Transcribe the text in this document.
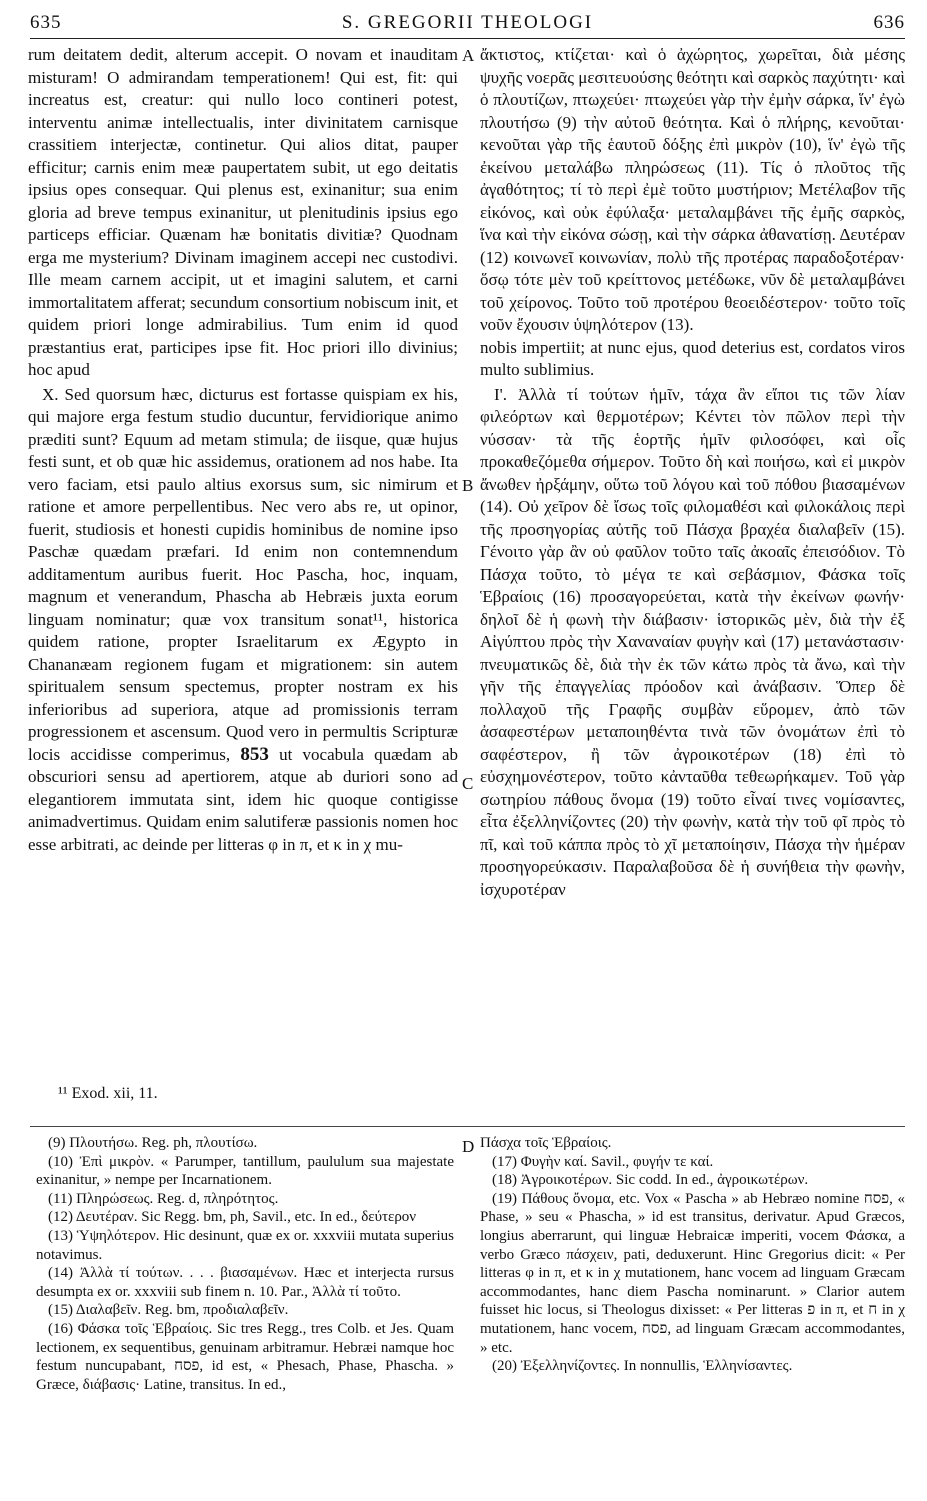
635	S. GREGORII THEOLOGI	636

rum deitatem dedit, alterum accepit. O novam et inauditam misturam! O admirandam temperationem! Qui est, fit: qui increatus est, creatur: qui nullo loco contineri potest, interventu animæ intellectualis, inter divinitatem carnisque crassitiem interjectæ, continetur. Qui alios ditat, pauper efficitur; carnis enim meæ paupertatem subit, ut ego deitatis ipsius opes consequar. Qui plenus est, exinanitur; sua enim gloria ad breve tempus exinanitur, ut plenitudinis ipsius ego particeps efficiar. Quænam hæ bonitatis divitiæ? Quodnam erga me mysterium? Divinam imaginem accepi nec custodivi. Ille meam carnem accipit, ut et imagini salutem, et carni immortalitatem afferat; secundum consortium nobiscum init, et quidem priori longe admirabilius. Tum enim id quod præstantius erat, participes ipse fit. Hoc priori illo divinius; hoc apud

X. Sed quorsum hæc, dicturus est fortasse quispiam ex his, qui majore erga festum studio ducuntur, fervidiorique animo præditi sunt? Equum ad metam stimula; de iisque, quæ hujus festi sunt, et ob quæ hic assidemus, orationem ad nos habe. Ita vero faciam, etsi paulo altius exorsus sum, sic nimirum et ratione et amore perpellentibus. Nec vero abs re, ut opinor, fuerit, studiosis et honesti cupidis hominibus de nomine ipso Paschæ quædam præfari. Id enim non contemnendum additamentum auribus fuerit. Hoc Pascha, hoc, inquam, magnum et venerandum, Phascha ab Hebræis juxta eorum linguam nominatur; quæ vox transitum sonat¹¹, historica quidem ratione, propter Israelitarum ex Ægypto in Chananæam regionem fugam et migrationem: sin autem spiritualem sensum spectemus, propter nostram ex his inferioribus ad superiora, atque ad promissionis terram progressionem et ascensum. Quod vero in permultis Scripturæ locis accidisse comperimus, 853 ut vocabula quædam ab obscuriori sensu ad apertiorem, atque ab duriori sono ad elegantiorem immutata sint, idem hic quoque contigisse animadvertimus. Quidam enim salutiferæ passionis nomen hoc esse arbitrati, ac deinde per litteras φ in π, et κ in χ mu-

A
B
C
D

ἄκτιστος, κτίζεται· καὶ ὁ ἀχώρητος, χωρεῖται, διὰ μέσης ψυχῆς νοερᾶς μεσιτευούσης θεότητι καὶ σαρκὸς παχύτητι· καὶ ὁ πλουτίζων, πτωχεύει· πτωχεύει γὰρ τὴν ἐμὴν σάρκα, ἵν' ἐγὼ πλουτήσω (9) τὴν αὐτοῦ θεότητα. Καὶ ὁ πλήρης, κενοῦται· κενοῦται γὰρ τῆς ἑαυτοῦ δόξης ἐπὶ μικρὸν (10), ἵν' ἐγὼ τῆς ἐκείνου μεταλάβω πληρώσεως (11). Τίς ὁ πλοῦτος τῆς ἀγαθότητος; τί τὸ περὶ ἐμὲ τοῦτο μυστήριον; Μετέλαβον τῆς εἰκόνος, καὶ οὐκ ἐφύλαξα· μεταλαμβάνει τῆς ἐμῆς σαρκὸς, ἵνα καὶ τὴν εἰκόνα σώσῃ, καὶ τὴν σάρκα ἀθανατίσῃ. Δευτέραν (12) κοινωνεῖ κοινωνίαν, πολὺ τῆς προτέρας παραδοξοτέραν· ὅσῳ τότε μὲν τοῦ κρείττονος μετέδωκε, νῦν δὲ μεταλαμβάνει τοῦ χείρονος. Τοῦτο τοῦ προτέρου θεοειδέστερον· τοῦτο τοῖς νοῦν ἔχουσιν ὑψηλότερον (13).

nobis impertiit; at nunc ejus, quod deterius est, cordatos viros multo sublimius.

Ι'. Ἀλλὰ τί τούτων ἡμῖν, τάχα ἂν εἴποι τις τῶν λίαν φιλεόρτων καὶ θερμοτέρων; Κέντει τὸν πῶλον περὶ τὴν νύσσαν· τὰ τῆς ἑορτῆς ἡμῖν φιλοσόφει, καὶ οἷς προκαθεζόμεθα σήμερον. Τοῦτο δὴ καὶ ποιήσω, καὶ εἰ μικρὸν ἄνωθεν ἠρξάμην, οὕτω τοῦ λόγου καὶ τοῦ πόθου βιασαμένων (14). Οὐ χεῖρον δὲ ἴσως τοῖς φιλομαθέσι καὶ φιλοκάλοις περὶ τῆς προσηγορίας αὐτῆς τοῦ Πάσχα βραχέα διαλαβεῖν (15). Γένοιτο γὰρ ἂν οὐ φαῦλον τοῦτο ταῖς ἀκοαῖς ἐπεισόδιον. Τὸ Πάσχα τοῦτο, τὸ μέγα τε καὶ σεβάσμιον, Φάσκα τοῖς Ἑβραίοις (16) προσαγορεύεται, κατὰ τὴν ἐκείνων φωνήν· δηλοῖ δὲ ἡ φωνὴ τὴν διάβασιν· ἱστορικῶς μὲν, διὰ τὴν ἐξ Αἰγύπτου πρὸς τὴν Χαναναίαν φυγὴν καὶ (17) μετανάστασιν· πνευματικῶς δὲ, διὰ τὴν ἐκ τῶν κάτω πρὸς τὰ ἄνω, καὶ τὴν γῆν τῆς ἐπαγγελίας πρόοδον καὶ ἀνάβασιν. Ὅπερ δὲ πολλαχοῦ τῆς Γραφῆς συμβὰν εὕρομεν, ἀπὸ τῶν ἀσαφεστέρων μεταποιηθέντα τινὰ τῶν ὀνομάτων ἐπὶ τὸ σαφέστερον, ἢ τῶν ἀγροικοτέρων (18) ἐπὶ τὸ εὐσχημονέστερον, τοῦτο κἀνταῦθα τεθεωρήκαμεν. Τοῦ γὰρ σωτηρίου πάθους ὄνομα (19) τοῦτο εἶναί τινες νομίσαντες, εἶτα ἐξελληνίζοντες (20) τὴν φωνὴν, κατὰ τὴν τοῦ φῖ πρὸς τὸ πῖ, καὶ τοῦ κάππα πρὸς τὸ χῖ μεταποίησιν, Πάσχα τὴν ἡμέραν προσηγορεύκασιν. Παραλαβοῦσα δὲ ἡ συνήθεια τὴν φωνὴν, ἰσχυροτέραν

¹¹ Exod. xii, 11.

(9) Πλουτήσω. Reg. ph, πλουτίσω.

(10) Ἐπὶ μικρὸν. « Parumper, tantillum, paululum sua majestate exinanitur, » nempe per Incarnationem.

(11) Πληρώσεως. Reg. d, πληρότητος.

(12) Δευτέραν. Sic Regg. bm, ph, Savil., etc. In ed., δεύτερον

(13) Ὑψηλότερον. Hic desinunt, quæ ex or. xxxviii mutata superius notavimus.

(14) Ἀλλὰ τί τούτων. . . . βιασαμένων. Hæc et interjecta rursus desumpta ex or. xxxviii sub finem n. 10. Par., Ἀλλὰ τί τοῦτο.

(15) Διαλαβεῖν. Reg. bm, προδιαλαβεῖν.

(16) Φάσκα τοῖς Ἑβραίοις. Sic tres Regg., tres Colb. et Jes. Quam lectionem, ex sequentibus, genuinam arbitramur. Hebræi namque hoc festum nuncupabant, פסח, id est, « Phesach, Phase, Phascha. » Græce, διάβασις· Latine, transitus. In ed.,

Πάσχα τοῖς Ἑβραίοις.

(17) Φυγὴν καί. Savil., φυγήν τε καί.

(18) Ἀγροικοτέρων. Sic codd. In ed., ἀγροικωτέρων.

(19) Πάθους ὄνομα, etc. Vox « Pascha » ab Hebræo nomine פסח, « Phase, » seu « Phascha, » id est transitus, derivatur. Apud Græcos, longius aberrarunt, qui linguæ Hebraicæ imperiti, vocem Φάσκα, a verbo Græco πάσχειν, pati, deduxerunt. Hinc Gregorius dicit: « Per litteras φ in π, et κ in χ mutationem, hanc vocem ad linguam Græcam accommodantes, hanc diem Pascha nominarunt. » Clarior autem fuisset hic locus, si Theologus dixisset: « Per litteras פ in π, et ח in χ mutationem, hanc vocem, פסח, ad linguam Græcam accommodantes, » etc.

(20) Ἐξελληνίζοντες. In nonnullis, Ἑλληνίσαντες.
